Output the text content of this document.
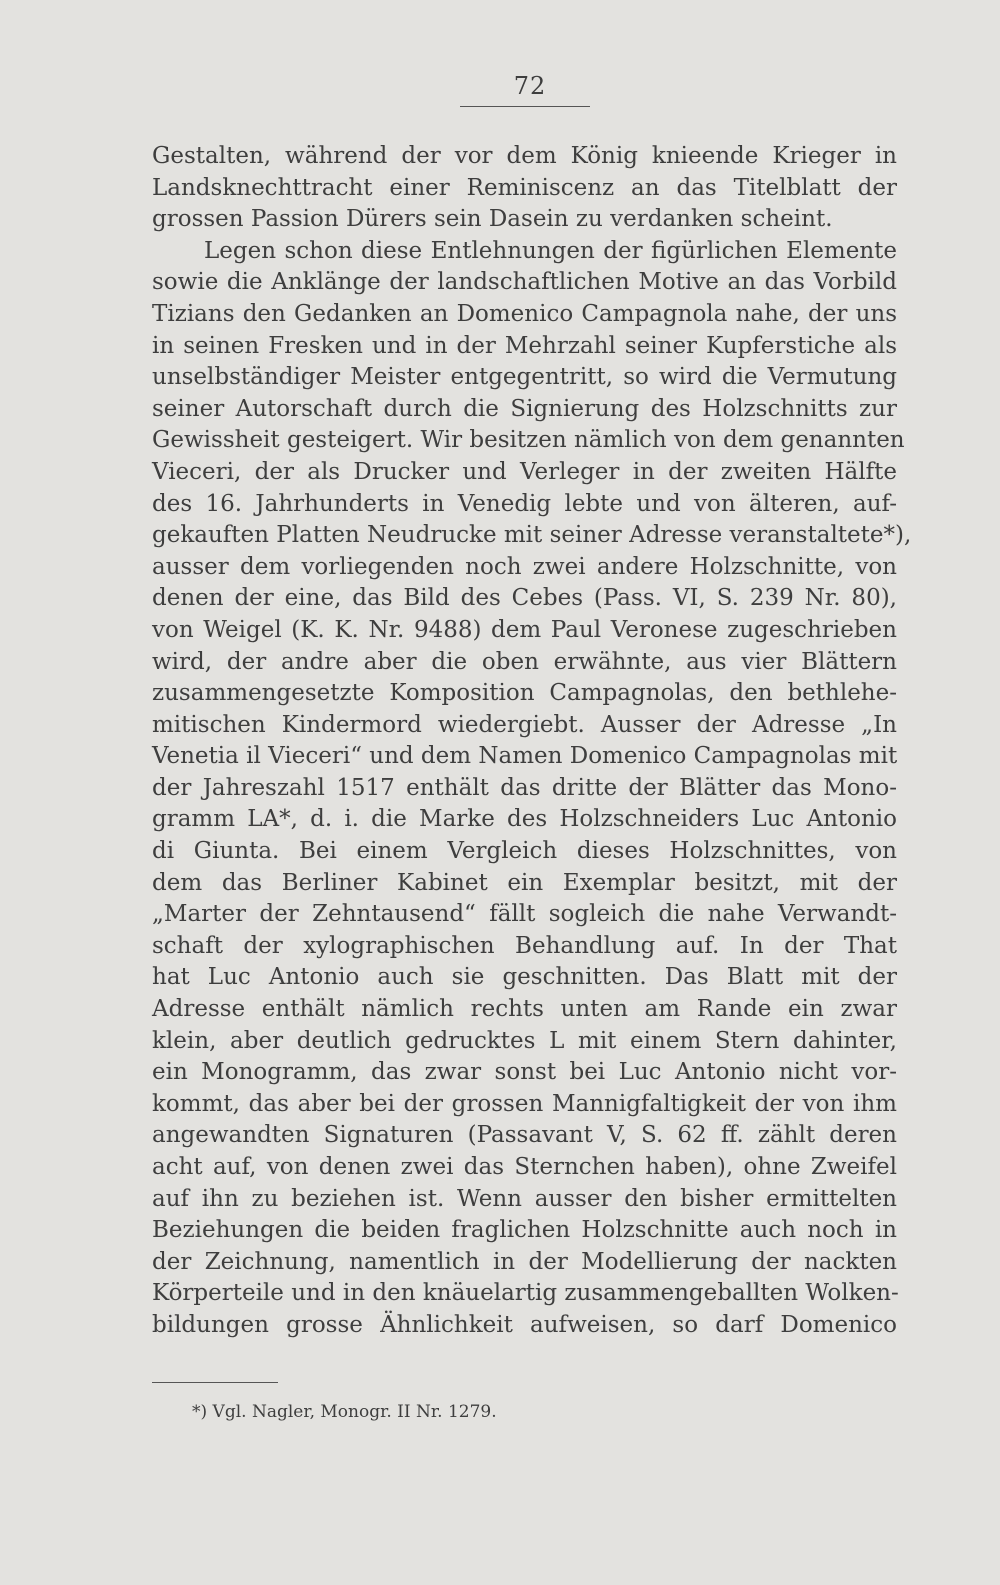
72
Gestalten, während der vor dem König knieende Krieger in
Landsknechttracht einer Reminiscenz an das Titelblatt der
grossen Passion Dürers sein Dasein zu verdanken scheint.
Legen schon diese Entlehnungen der figürlichen Elemente
sowie die Anklänge der landschaftlichen Motive an das Vorbild
Tizians den Gedanken an Domenico Campagnola nahe, der uns
in seinen Fresken und in der Mehrzahl seiner Kupferstiche als
unselbständiger Meister entgegentritt, so wird die Vermutung
seiner Autorschaft durch die Signierung des Holzschnitts zur
Gewissheit gesteigert. Wir besitzen nämlich von dem genannten
Vieceri, der als Drucker und Verleger in der zweiten Hälfte
des 16. Jahrhunderts in Venedig lebte und von älteren, auf-
gekauften Platten Neudrucke mit seiner Adresse veranstaltete*),
ausser dem vorliegenden noch zwei andere Holzschnitte, von
denen der eine, das Bild des Cebes (Pass. VI, S. 239 Nr. 80),
von Weigel (K. K. Nr. 9488) dem Paul Veronese zugeschrieben
wird, der andre aber die oben erwähnte, aus vier Blättern
zusammengesetzte Komposition Campagnolas, den bethlehe-
mitischen Kindermord wiedergiebt. Ausser der Adresse „In
Venetia il Vieceri“ und dem Namen Domenico Campagnolas mit
der Jahreszahl 1517 enthält das dritte der Blätter das Mono-
gramm LA*, d. i. die Marke des Holzschneiders Luc Antonio
di Giunta. Bei einem Vergleich dieses Holzschnittes, von
dem das Berliner Kabinet ein Exemplar besitzt, mit der
„Marter der Zehntausend“ fällt sogleich die nahe Verwandt-
schaft der xylographischen Behandlung auf. In der That
hat Luc Antonio auch sie geschnitten. Das Blatt mit der
Adresse enthält nämlich rechts unten am Rande ein zwar
klein, aber deutlich gedrucktes L mit einem Stern dahinter,
ein Monogramm, das zwar sonst bei Luc Antonio nicht vor-
kommt, das aber bei der grossen Mannigfaltigkeit der von ihm
angewandten Signaturen (Passavant V, S. 62 ff. zählt deren
acht auf, von denen zwei das Sternchen haben), ohne Zweifel
auf ihn zu beziehen ist. Wenn ausser den bisher ermittelten
Beziehungen die beiden fraglichen Holzschnitte auch noch in
der Zeichnung, namentlich in der Modellierung der nackten
Körperteile und in den knäuelartig zusammengeballten Wolken-
bildungen grosse Ähnlichkeit aufweisen, so darf Domenico
*) Vgl. Nagler, Monogr. II Nr. 1279.
